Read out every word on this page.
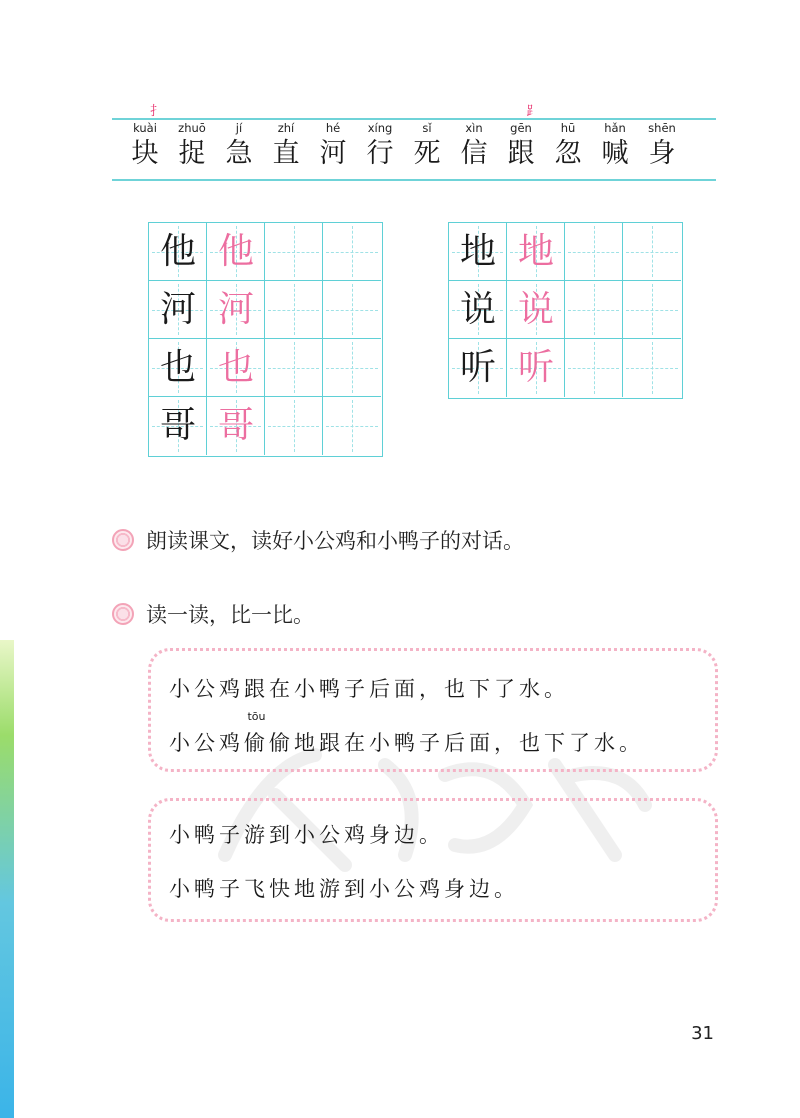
扌	⻊
kuài
块
zhuō
捉
jí
急
zhí
直
hé
河
xíng
行
sǐ
死
xìn
信
gēn
跟
hū
忽
hǎn
喊
shēn
身
他 他
河 河
也 也
哥 哥
地 地
说 说
听 听
朗读课文，读好小公鸡和小鸭子的对话。
读一读，比一比。
小公鸡跟在小鸭子后面，也下了水。
小公鸡
tōu
偷偷地跟在小鸭子后面，也下了水。
小鸭子游到小公鸡身边。
小鸭子飞快地游到小公鸡身边。
31
